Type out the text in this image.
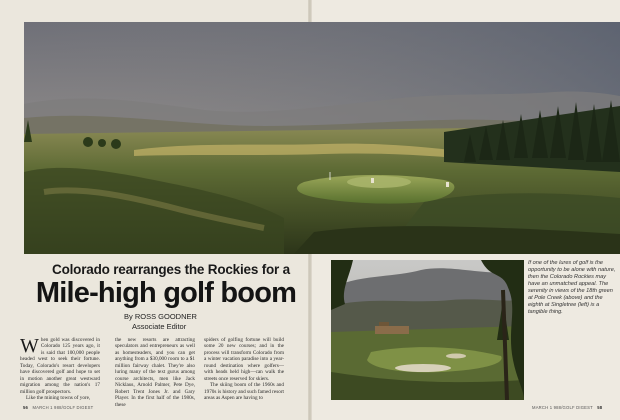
If one of the lures of golf is the opportunity to be alone with nature, then the Colorado Rockies may have an unmatched appeal. The serenity in views of the 18th green at Pole Creek (above) and the eighth at Singletree (left) is a tangible thing.
Colorado rearranges the Rockies for a
Mile-high golf boom
By ROSS GOODNER
Associate Editor

When gold was discovered in Colorado 125 years ago, it is said that 100,000 people headed west to seek their fortune. Today, Colorado's resort developers have discovered golf and hope to set in motion another great westward migration among the nation's 17 million golf prospectors.

Like the mining towns of yore,

the new resorts are attracting speculators and entrepreneurs as well as homesteaders, and you can get anything from a $30,000 room to a $1 million fairway chalet. They're also luring many of the text gurus among course architects, men like Jack Nicklaus, Arnold Palmer, Pete Dye, Robert Trent Jones Jr. and Gary Player. In the first half of the 1980s, these

spiders of golfing fortune will build some 20 new courses; and in the process will transform Colorado from a winter vacation paradise into a year-round destination where golfers—with heads held high—can walk the streets once reserved for skiers.

The skiing boom of the 1960s and 1970s is history and such famed resort areas as Aspen are having to

56 MARCH 1 988/GOLF DIGEST	MARCH 1 988/GOLF DIGEST 58
